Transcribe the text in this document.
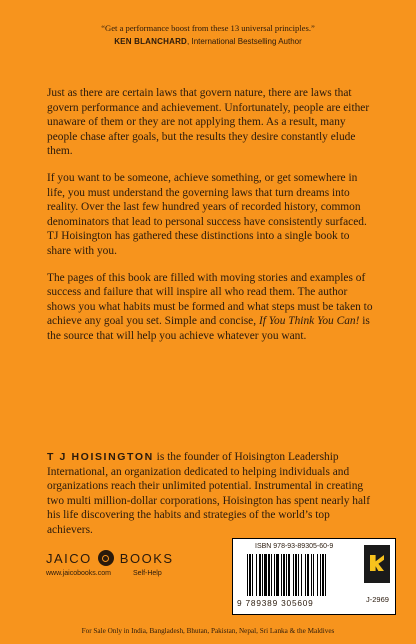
“Get a performance boost from these 13 universal principles.”
KEN BLANCHARD, International Bestselling Author

Just as there are certain laws that govern nature, there are laws that govern performance and achievement. Unfortunately, people are either unaware of them or they are not applying them. As a result, many people chase after goals, but the results they desire constantly elude them.

If you want to be someone, achieve something, or get somewhere in life, you must understand the governing laws that turn dreams into reality. Over the last few hundred years of recorded history, common denominators that lead to personal success have consistently surfaced. TJ Hoisington has gathered these distinctions into a single book to share with you.

The pages of this book are filled with moving stories and examples of success and failure that will inspire all who read them. The author shows you what habits must be formed and what steps must be taken to achieve any goal you set. Simple and concise, If You Think You Can! is the source that will help you achieve whatever you want.

T J HOISINGTON is the founder of Hoisington Leadership International, an organization dedicated to helping individuals and organizations reach their unlimited potential. Instrumental in creating two multi million-dollar corporations, Hoisington has spent nearly half his life discovering the habits and strategies of the world’s top achievers.
JAICO BOOKS
www.jaicobooks.com	Self-Help
ISBN 978-93-89305-60-9
9 789389 305609	J-2969
For Sale Only in India, Bangladesh, Bhutan, Pakistan, Nepal, Sri Lanka & the Maldives
